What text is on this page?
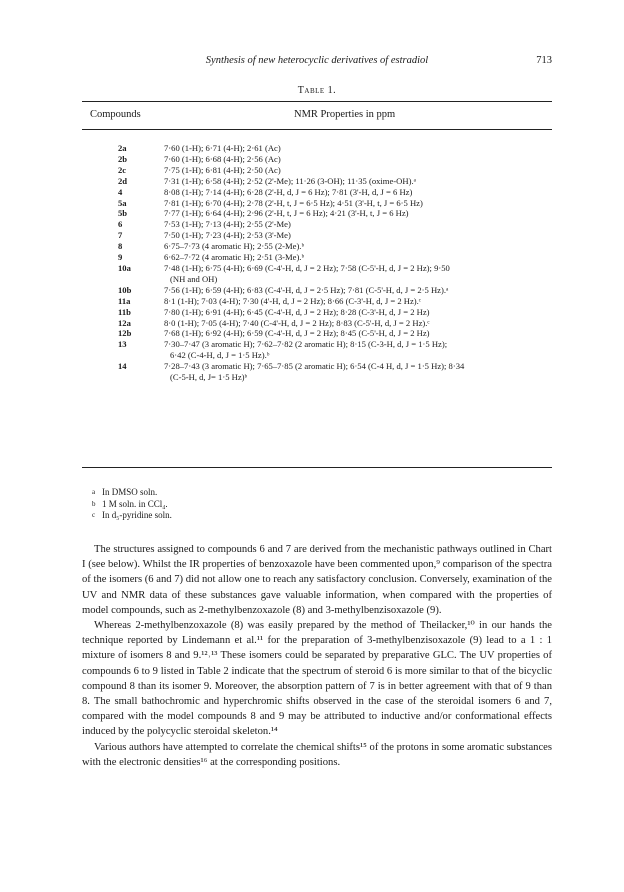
Synthesis of new heterocyclic derivatives of estradiol	713
Table 1.
Compounds	NMR Properties in ppm
2a	7·60 (1-H); 6·71 (4-H); 2·61 (Ac)
2b	7·60 (1-H); 6·68 (4-H); 2·56 (Ac)
2c	7·75 (1-H); 6·81 (4-H); 2·50 (Ac)
2d	7·31 (1-H); 6·58 (4-H); 2·52 (2'-Me); 11·26 (3-OH); 11·35 (oxime-OH).ᵃ
4	8·08 (1-H); 7·14 (4-H); 6·28 (2'-H, d, J = 6 Hz); 7·81 (3'-H, d, J = 6 Hz)
5a	7·81 (1-H); 6·70 (4-H); 2·78 (2'-H, t, J = 6·5 Hz); 4·51 (3'-H, t, J = 6·5 Hz)
5b	7·77 (1-H); 6·64 (4-H); 2·96 (2'-H, t, J = 6 Hz); 4·21 (3'-H, t, J = 6 Hz)
6	7·53 (1-H); 7·13 (4-H); 2·55 (2'-Me)
7	7·50 (1-H); 7·23 (4-H); 2·53 (3'-Me)
8	6·75–7·73 (4 aromatic H); 2·55 (2-Me).ᵇ
9	6·62–7·72 (4 aromatic H); 2·51 (3-Me).ᵇ
10a	7·48 (1-H); 6·75 (4-H); 6·69 (C-4'-H, d, J = 2 Hz); 7·58 (C-5'-H, d, J = 2 Hz); 9·50
(NH and OH)
10b	7·56 (1-H); 6·59 (4-H); 6·83 (C-4'-H, d, J = 2·5 Hz); 7·81 (C-5'-H, d, J = 2·5 Hz).ᵃ
11a	8·1 (1-H); 7·03 (4-H); 7·30 (4'-H, d, J = 2 Hz); 8·66 (C-3'-H, d, J = 2 Hz).ᶜ
11b	7·80 (1-H); 6·91 (4-H); 6·45 (C-4'-H, d, J = 2 Hz); 8·28 (C-3'-H, d, J = 2 Hz)
12a	8·0 (1-H); 7·05 (4-H); 7·40 (C-4'-H, d, J = 2 Hz); 8·83 (C-5'-H, d, J = 2 Hz).ᶜ
12b	7·68 (1-H); 6·92 (4-H); 6·59 (C-4'-H, d, J = 2 Hz); 8·45 (C-5'-H, d, J = 2 Hz)
13	7·30–7·47 (3 aromatic H); 7·62–7·82 (2 aromatic H); 8·15 (C-3-H, d, J = 1·5 Hz);
6·42 (C-4-H, d, J = 1·5 Hz).ᵇ
14	7·28–7·43 (3 aromatic H); 7·65–7·85 (2 aromatic H); 6·54 (C-4 H, d, J = 1·5 Hz); 8·34
(C-5-H, d, J= 1·5 Hz)ᵇ
a In DMSO soln.
b 1 M soln. in CCl₄.
c In d₅-pyridine soln.

The structures assigned to compounds 6 and 7 are derived from the mechanistic pathways outlined in Chart I (see below). Whilst the IR properties of benzoxazole have been commented upon,⁹ comparison of the spectra of the isomers (6 and 7) did not allow one to reach any satisfactory conclusion. Conversely, examination of the UV and NMR data of these substances gave valuable information, when compared with the properties of model compounds, such as 2-methylbenzoxazole (8) and 3-methylbenzisoxazole (9).

Whereas 2-methylbenzoxazole (8) was easily prepared by the method of Theilacker,¹⁰ in our hands the technique reported by Lindemann et al.¹¹ for the preparation of 3-methylbenzisoxazole (9) lead to a 1 : 1 mixture of isomers 8 and 9.¹²˒¹³ These isomers could be separated by preparative GLC. The UV properties of compounds 6 to 9 listed in Table 2 indicate that the spectrum of steroid 6 is more similar to that of the bicyclic compound 8 than its isomer 9. Moreover, the absorption pattern of 7 is in better agreement with that of 9 than 8. The small bathochromic and hyperchromic shifts observed in the case of the steroidal isomers 6 and 7, compared with the model compounds 8 and 9 may be attributed to inductive and/or conformational effects induced by the polycyclic steroidal skeleton.¹⁴

Various authors have attempted to correlate the chemical shifts¹⁵ of the protons in some aromatic substances with the electronic densities¹⁶ at the corresponding positions.
